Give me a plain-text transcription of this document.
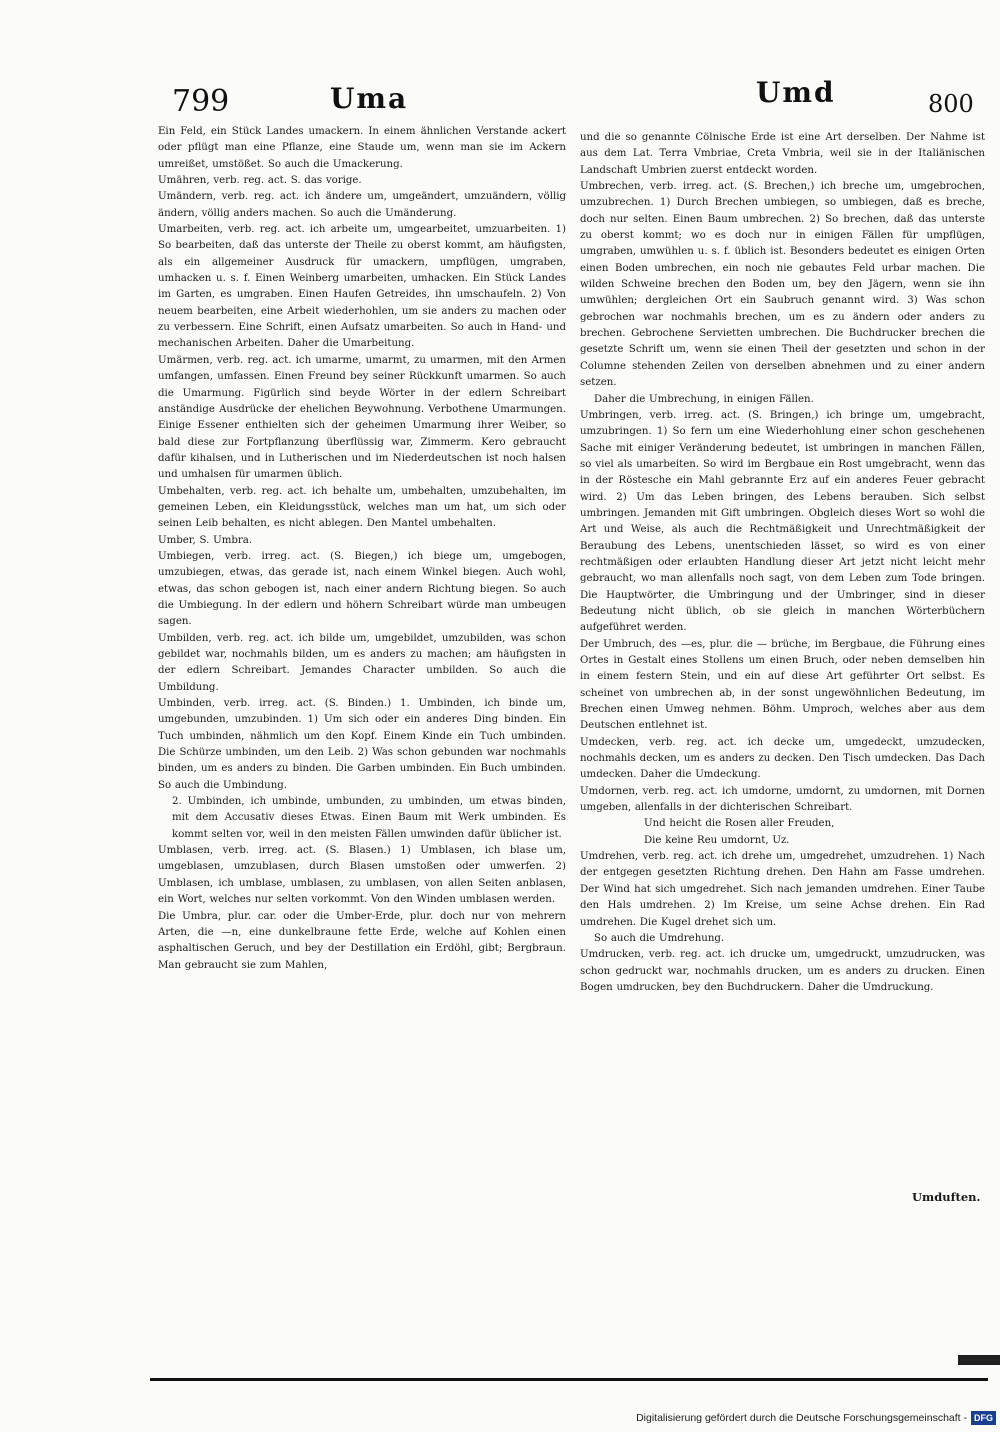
799	Uma	Umd	800

Ein Feld, ein Stück Landes umackern. In einem ähnlichen Verstande ackert oder pflügt man eine Pflanze, eine Staude um, wenn man sie im Ackern umreißet, umstößet. So auch die Umackerung.

Umähren, verb. reg. act. S. das vorige.

Umändern, verb. reg. act. ich ändere um, umgeändert, umzuändern, völlig ändern, völlig anders machen. So auch die Umänderung.

Umarbeiten, verb. reg. act. ich arbeite um, umgearbeitet, umzuarbeiten. 1) So bearbeiten, daß das unterste der Theile zu oberst kommt, am häufigsten, als ein allgemeiner Ausdruck für umackern, umpflügen, umgraben, umhacken u. s. f. Einen Weinberg umarbeiten, umhacken. Ein Stück Landes im Garten, es umgraben. Einen Haufen Getreides, ihn umschaufeln. 2) Von neuem bearbeiten, eine Arbeit wiederhohlen, um sie anders zu machen oder zu verbessern. Eine Schrift, einen Aufsatz umarbeiten. So auch in Hand- und mechanischen Arbeiten. Daher die Umarbeitung.

Umärmen, verb. reg. act. ich umarme, umarmt, zu umarmen, mit den Armen umfangen, umfassen. Einen Freund bey seiner Rückkunft umarmen. So auch die Umarmung. Figürlich sind beyde Wörter in der edlern Schreibart anständige Ausdrücke der ehelichen Beywohnung. Verbothene Umarmungen. Einige Essener enthielten sich der geheimen Umarmung ihrer Weiber, so bald diese zur Fortpflanzung überflüssig war, Zimmerm. Kero gebraucht dafür kihalsen, und in Lutherischen und im Niederdeutschen ist noch halsen und umhalsen für umarmen üblich.

Umbehalten, verb. reg. act. ich behalte um, umbehalten, umzubehalten, im gemeinen Leben, ein Kleidungsstück, welches man um hat, um sich oder seinen Leib behalten, es nicht ablegen. Den Mantel umbehalten.

Umber, S. Umbra.

Umbiegen, verb. irreg. act. (S. Biegen,) ich biege um, umgebogen, umzubiegen, etwas, das gerade ist, nach einem Winkel biegen. Auch wohl, etwas, das schon gebogen ist, nach einer andern Richtung biegen. So auch die Umbiegung. In der edlern und höhern Schreibart würde man umbeugen sagen.

Umbilden, verb. reg. act. ich bilde um, umgebildet, umzubilden, was schon gebildet war, nochmahls bilden, um es anders zu machen; am häufigsten in der edlern Schreibart. Jemandes Character umbilden. So auch die Umbildung.

Umbinden, verb. irreg. act. (S. Binden.) 1. Umbinden, ich binde um, umgebunden, umzubinden. 1) Um sich oder ein anderes Ding binden. Ein Tuch umbinden, nähmlich um den Kopf. Einem Kinde ein Tuch umbinden. Die Schürze umbinden, um den Leib. 2) Was schon gebunden war nochmahls binden, um es anders zu binden. Die Garben umbinden. Ein Buch umbinden. So auch die Umbindung.

2. Umbinden, ich umbinde, umbunden, zu umbinden, um etwas binden, mit dem Accusativ dieses Etwas. Einen Baum mit Werk umbinden. Es kommt selten vor, weil in den meisten Fällen umwinden dafür üblicher ist.

Umblasen, verb. irreg. act. (S. Blasen.) 1) Umblasen, ich blase um, umgeblasen, umzublasen, durch Blasen umstoßen oder umwerfen. 2) Umblasen, ich umblase, umblasen, zu umblasen, von allen Seiten anblasen, ein Wort, welches nur selten vorkommt. Von den Winden umblasen werden.

Die Umbra, plur. car. oder die Umber-Erde, plur. doch nur von mehrern Arten, die —n, eine dunkelbraune fette Erde, welche auf Kohlen einen asphaltischen Geruch, und bey der Destillation ein Erdöhl, gibt; Bergbraun. Man gebraucht sie zum Mahlen,

und die so genannte Cölnische Erde ist eine Art derselben. Der Nahme ist aus dem Lat. Terra Vmbriae, Creta Vmbria, weil sie in der Italiänischen Landschaft Umbrien zuerst entdeckt worden.

Umbrechen, verb. irreg. act. (S. Brechen,) ich breche um, umgebrochen, umzubrechen. 1) Durch Brechen umbiegen, so umbiegen, daß es breche, doch nur selten. Einen Baum umbrechen. 2) So brechen, daß das unterste zu oberst kommt; wo es doch nur in einigen Fällen für umpflügen, umgraben, umwühlen u. s. f. üblich ist. Besonders bedeutet es einigen Orten einen Boden umbrechen, ein noch nie gebautes Feld urbar machen. Die wilden Schweine brechen den Boden um, bey den Jägern, wenn sie ihn umwühlen; dergleichen Ort ein Saubruch genannt wird. 3) Was schon gebrochen war nochmahls brechen, um es zu ändern oder anders zu brechen. Gebrochene Servietten umbrechen. Die Buchdrucker brechen die gesetzte Schrift um, wenn sie einen Theil der gesetzten und schon in der Columne stehenden Zeilen von derselben abnehmen und zu einer andern setzen.

Daher die Umbrechung, in einigen Fällen.

Umbringen, verb. irreg. act. (S. Bringen,) ich bringe um, umgebracht, umzubringen. 1) So fern um eine Wiederhohlung einer schon geschehenen Sache mit einiger Veränderung bedeutet, ist umbringen in manchen Fällen, so viel als umarbeiten. So wird im Bergbaue ein Rost umgebracht, wenn das in der Röstesche ein Mahl gebrannte Erz auf ein anderes Feuer gebracht wird. 2) Um das Leben bringen, des Lebens berauben. Sich selbst umbringen. Jemanden mit Gift umbringen. Obgleich dieses Wort so wohl die Art und Weise, als auch die Rechtmäßigkeit und Unrechtmäßigkeit der Beraubung des Lebens, unentschieden lässet, so wird es von einer rechtmäßigen oder erlaubten Handlung dieser Art jetzt nicht leicht mehr gebraucht, wo man allenfalls noch sagt, von dem Leben zum Tode bringen. Die Hauptwörter, die Umbringung und der Umbringer, sind in dieser Bedeutung nicht üblich, ob sie gleich in manchen Wörterbüchern aufgeführet werden.

Der Umbruch, des —es, plur. die — brüche, im Bergbaue, die Führung eines Ortes in Gestalt eines Stollens um einen Bruch, oder neben demselben hin in einem festern Stein, und ein auf diese Art geführter Ort selbst. Es scheinet von umbrechen ab, in der sonst ungewöhnlichen Bedeutung, im Brechen einen Umweg nehmen. Böhm. Umproch, welches aber aus dem Deutschen entlehnet ist.

Umdecken, verb. reg. act. ich decke um, umgedeckt, umzudecken, nochmahls decken, um es anders zu decken. Den Tisch umdecken. Das Dach umdecken. Daher die Umdeckung.

Umdornen, verb. reg. act. ich umdorne, umdornt, zu umdornen, mit Dornen umgeben, allenfalls in der dichterischen Schreibart.

Und heicht die Rosen aller Freuden,

Die keine Reu umdornt, Uz.

Umdrehen, verb. reg. act. ich drehe um, umgedrehet, umzudrehen. 1) Nach der entgegen gesetzten Richtung drehen. Den Hahn am Fasse umdrehen. Der Wind hat sich umgedrehet. Sich nach jemanden umdrehen. Einer Taube den Hals umdrehen. 2) Im Kreise, um seine Achse drehen. Ein Rad umdrehen. Die Kugel drehet sich um.

So auch die Umdrehung.

Umdrucken, verb. reg. act. ich drucke um, umgedruckt, umzudrucken, was schon gedruckt war, nochmahls drucken, um es anders zu drucken. Einen Bogen umdrucken, bey den Buchdruckern. Daher die Umdruckung.

Umduften.
Digitalisierung gefördert durch die Deutsche Forschungsgemeinschaft - DFG
